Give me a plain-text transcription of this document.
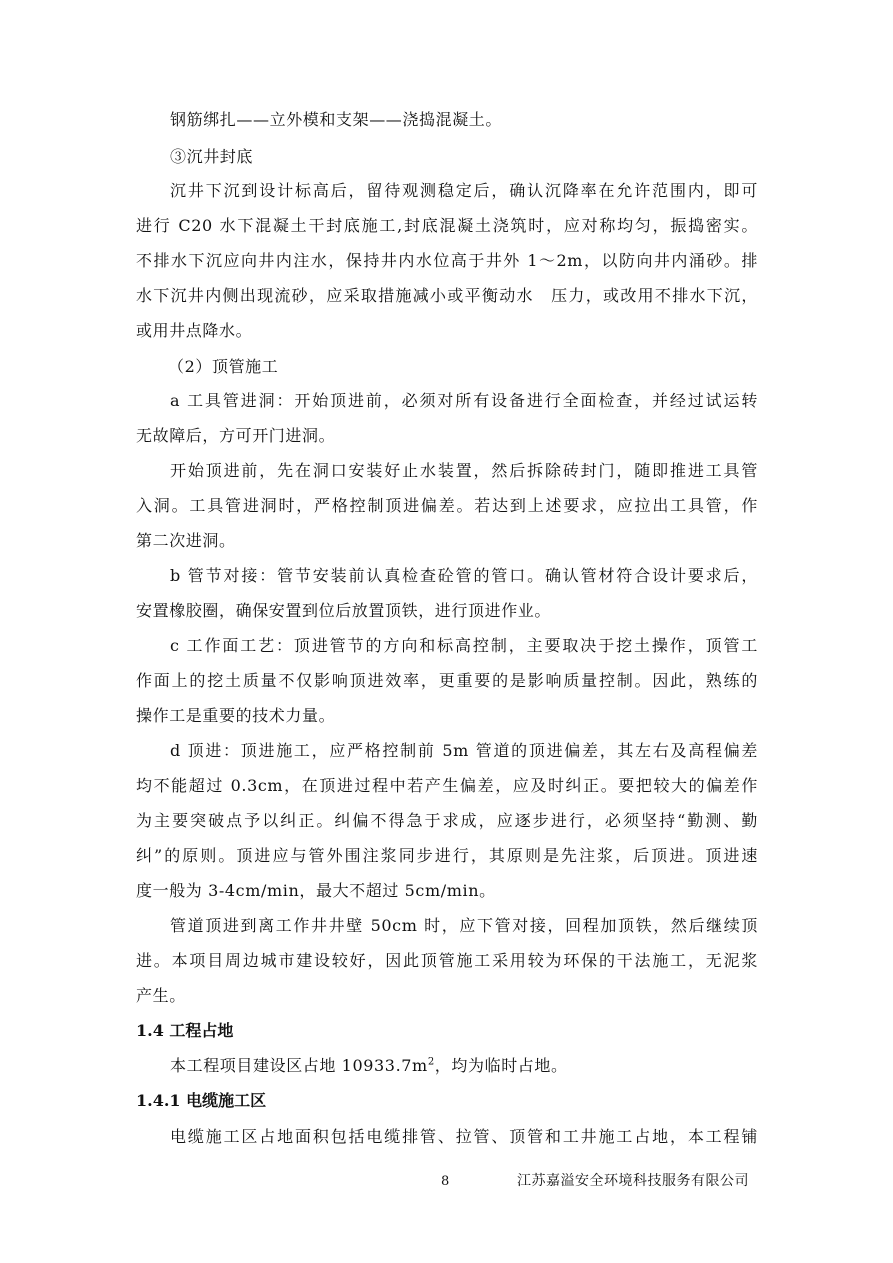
钢筋绑扎——立外模和支架——浇捣混凝土。
③沉井封底
沉井下沉到设计标高后，留待观测稳定后，确认沉降率在允许范围内，即可
进行 C20 水下混凝土干封底施工,封底混凝土浇筑时，应对称均匀，振捣密实。
不排水下沉应向井内注水，保持井内水位高于井外 1～2m，以防向井内涌砂。排
水下沉井内侧出现流砂，应采取措施减小或平衡动水　压力，或改用不排水下沉，
或用井点降水。
（2）顶管施工
a 工具管进洞：开始顶进前，必须对所有设备进行全面检查，并经过试运转
无故障后，方可开门进洞。
开始顶进前，先在洞口安装好止水装置，然后拆除砖封门，随即推进工具管
入洞。工具管进洞时，严格控制顶进偏差。若达到上述要求，应拉出工具管，作
第二次进洞。
b 管节对接：管节安装前认真检查砼管的管口。确认管材符合设计要求后，
安置橡胶圈，确保安置到位后放置顶铁，进行顶进作业。
c 工作面工艺：顶进管节的方向和标高控制，主要取决于挖土操作，顶管工
作面上的挖土质量不仅影响顶进效率，更重要的是影响质量控制。因此，熟练的
操作工是重要的技术力量。
d 顶进：顶进施工，应严格控制前 5m 管道的顶进偏差，其左右及高程偏差
均不能超过 0.3cm，在顶进过程中若产生偏差，应及时纠正。要把较大的偏差作
为主要突破点予以纠正。纠偏不得急于求成，应逐步进行，必须坚持“勤测、勤
纠”的原则。顶进应与管外围注浆同步进行，其原则是先注浆，后顶进。顶进速
度一般为 3-4cm/min，最大不超过 5cm/min。
管道顶进到离工作井井壁 50cm 时，应下管对接，回程加顶铁，然后继续顶
进。本项目周边城市建设较好，因此顶管施工采用较为环保的干法施工，无泥浆
产生。
1.4 工程占地
本工程项目建设区占地 $10933.7m^2$，均为临时占地。
1.4.1 电缆施工区
电缆施工区占地面积包括电缆排管、拉管、顶管和工井施工占地，本工程铺
8	江苏嘉溢安全环境科技服务有限公司
